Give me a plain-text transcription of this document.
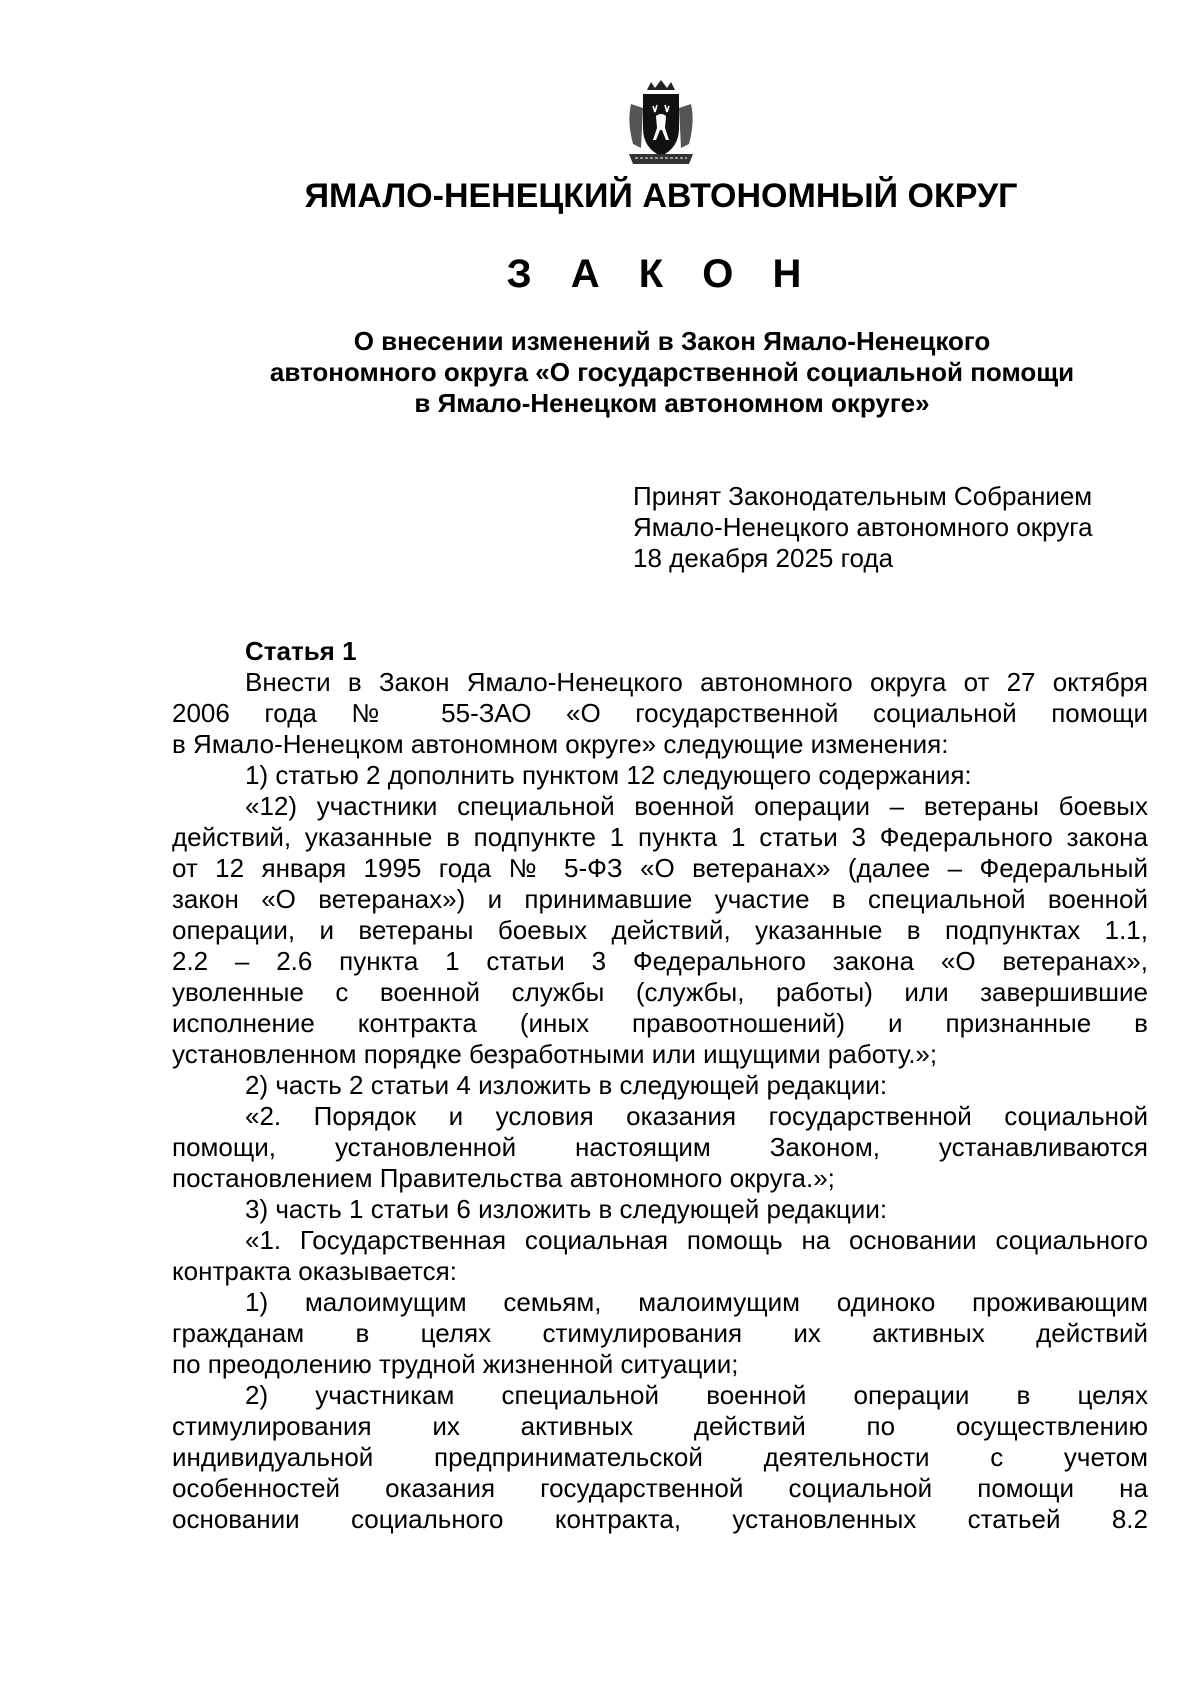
ЯМАЛО-НЕНЕЦКИЙ АВТОНОМНЫЙ ОКРУГ
З А К О Н
О внесении изменений в Закон Ямало-Ненецкого
автономного округа «О государственной социальной помощи
в Ямало-Ненецком автономном округе»
Принят Законодательным Собранием
Ямало-Ненецкого автономного округа
18 декабря 2025 года
Статья 1
Внести в Закон Ямало-Ненецкого автономного округа от 27 октября
2006 года № 55-ЗАО «О государственной социальной помощи
в Ямало-Ненецком автономном округе» следующие изменения:
1) статью 2 дополнить пунктом 12 следующего содержания:
«12) участники специальной военной операции – ветераны боевых
действий, указанные в подпункте 1 пункта 1 статьи 3 Федерального закона
от 12 января 1995 года № 5-ФЗ «О ветеранах» (далее – Федеральный
закон «О ветеранах») и принимавшие участие в специальной военной
операции, и ветераны боевых действий, указанные в подпунктах 1.1,
2.2 – 2.6 пункта 1 статьи 3 Федерального закона «О ветеранах»,
уволенные с военной службы (службы, работы) или завершившие
исполнение контракта (иных правоотношений) и признанные в
установленном порядке безработными или ищущими работу.»;
2) часть 2 статьи 4 изложить в следующей редакции:
«2. Порядок и условия оказания государственной социальной
помощи, установленной настоящим Законом, устанавливаются
постановлением Правительства автономного округа.»;
3) часть 1 статьи 6 изложить в следующей редакции:
«1. Государственная социальная помощь на основании социального
контракта оказывается:
1) малоимущим семьям, малоимущим одиноко проживающим
гражданам в целях стимулирования их активных действий
по преодолению трудной жизненной ситуации;
2) участникам специальной военной операции в целях
стимулирования их активных действий по осуществлению
индивидуальной предпринимательской деятельности с учетом
особенностей оказания государственной социальной помощи на
основании социального контракта, установленных статьей 8.2
